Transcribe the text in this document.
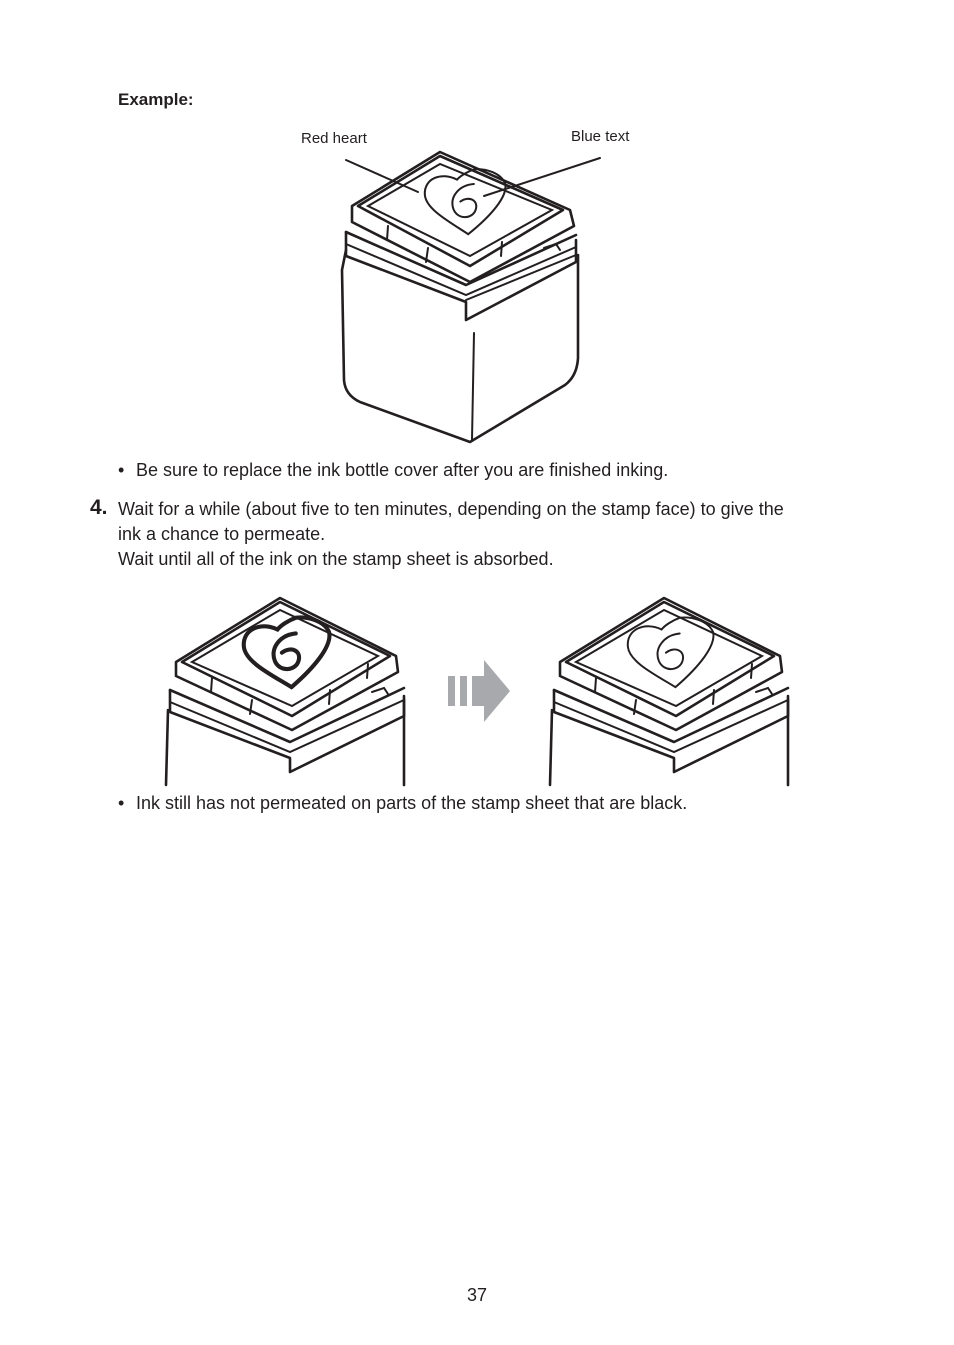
Example:
Red heart	Blue text
• Be sure to replace the ink bottle cover after you are finished inking.
4. Wait for a while (about five to ten minutes, depending on the stamp face) to give the
ink a chance to permeate.
Wait until all of the ink on the stamp sheet is absorbed.
• Ink still has not permeated on parts of the stamp sheet that are black.
37
